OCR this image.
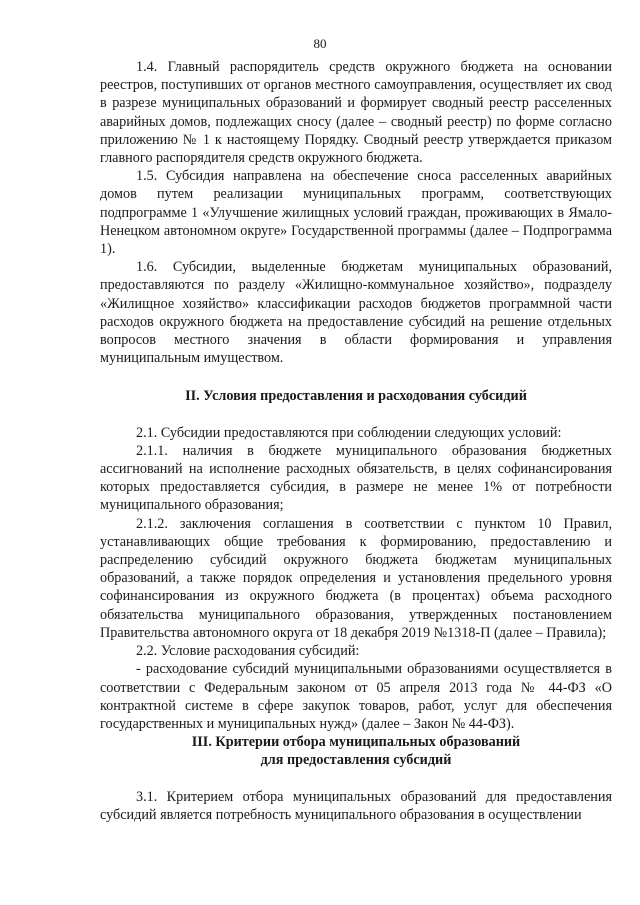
80

1.4. Главный распорядитель средств окружного бюджета на основании реестров, поступивших от органов местного самоуправления, осуществляет их свод в разрезе муниципальных образований и формирует сводный реестр расселенных аварийных домов, подлежащих сносу (далее – сводный реестр) по форме согласно приложению № 1 к настоящему Порядку. Сводный реестр утверждается приказом главного распорядителя средств окружного бюджета.

1.5. Субсидия направлена на обеспечение сноса расселенных аварийных домов путем реализации муниципальных программ, соответствующих подпрограмме 1 «Улучшение жилищных условий граждан, проживающих в Ямало-Ненецком автономном округе» Государственной программы (далее – Подпрограмма 1).

1.6. Субсидии, выделенные бюджетам муниципальных образований, предоставляются по разделу «Жилищно-коммунальное хозяйство», подразделу «Жилищное хозяйство» классификации расходов бюджетов программной части расходов окружного бюджета на предоставление субсидий на решение отдельных вопросов местного значения в области формирования и управления муниципальным имуществом.

II. Условия предоставления и расходования субсидий

2.1. Субсидии предоставляются при соблюдении следующих условий:

2.1.1. наличия в бюджете муниципального образования бюджетных ассигнований на исполнение расходных обязательств, в целях софинансирования которых предоставляется субсидия, в размере не менее 1% от потребности муниципального образования;

2.1.2. заключения соглашения в соответствии с пунктом 10 Правил, устанавливающих общие требования к формированию, предоставлению и распределению субсидий окружного бюджета бюджетам муниципальных образований, а также порядок определения и установления предельного уровня софинансирования из окружного бюджета (в процентах) объема расходного обязательства муниципального образования, утвержденных постановлением Правительства автономного округа от 18 декабря 2019 №1318-П (далее – Правила);

2.2. Условие расходования субсидий:

- расходование субсидий муниципальными образованиями осуществляется в соответствии с Федеральным законом от 05 апреля 2013 года № 44-ФЗ «О контрактной системе в сфере закупок товаров, работ, услуг для обеспечения государственных и муниципальных нужд» (далее – Закон № 44-ФЗ).

III. Критерии отбора муниципальных образований

для предоставления субсидий

3.1. Критерием отбора муниципальных образований для предоставления субсидий является потребность муниципального образования в осуществлении
